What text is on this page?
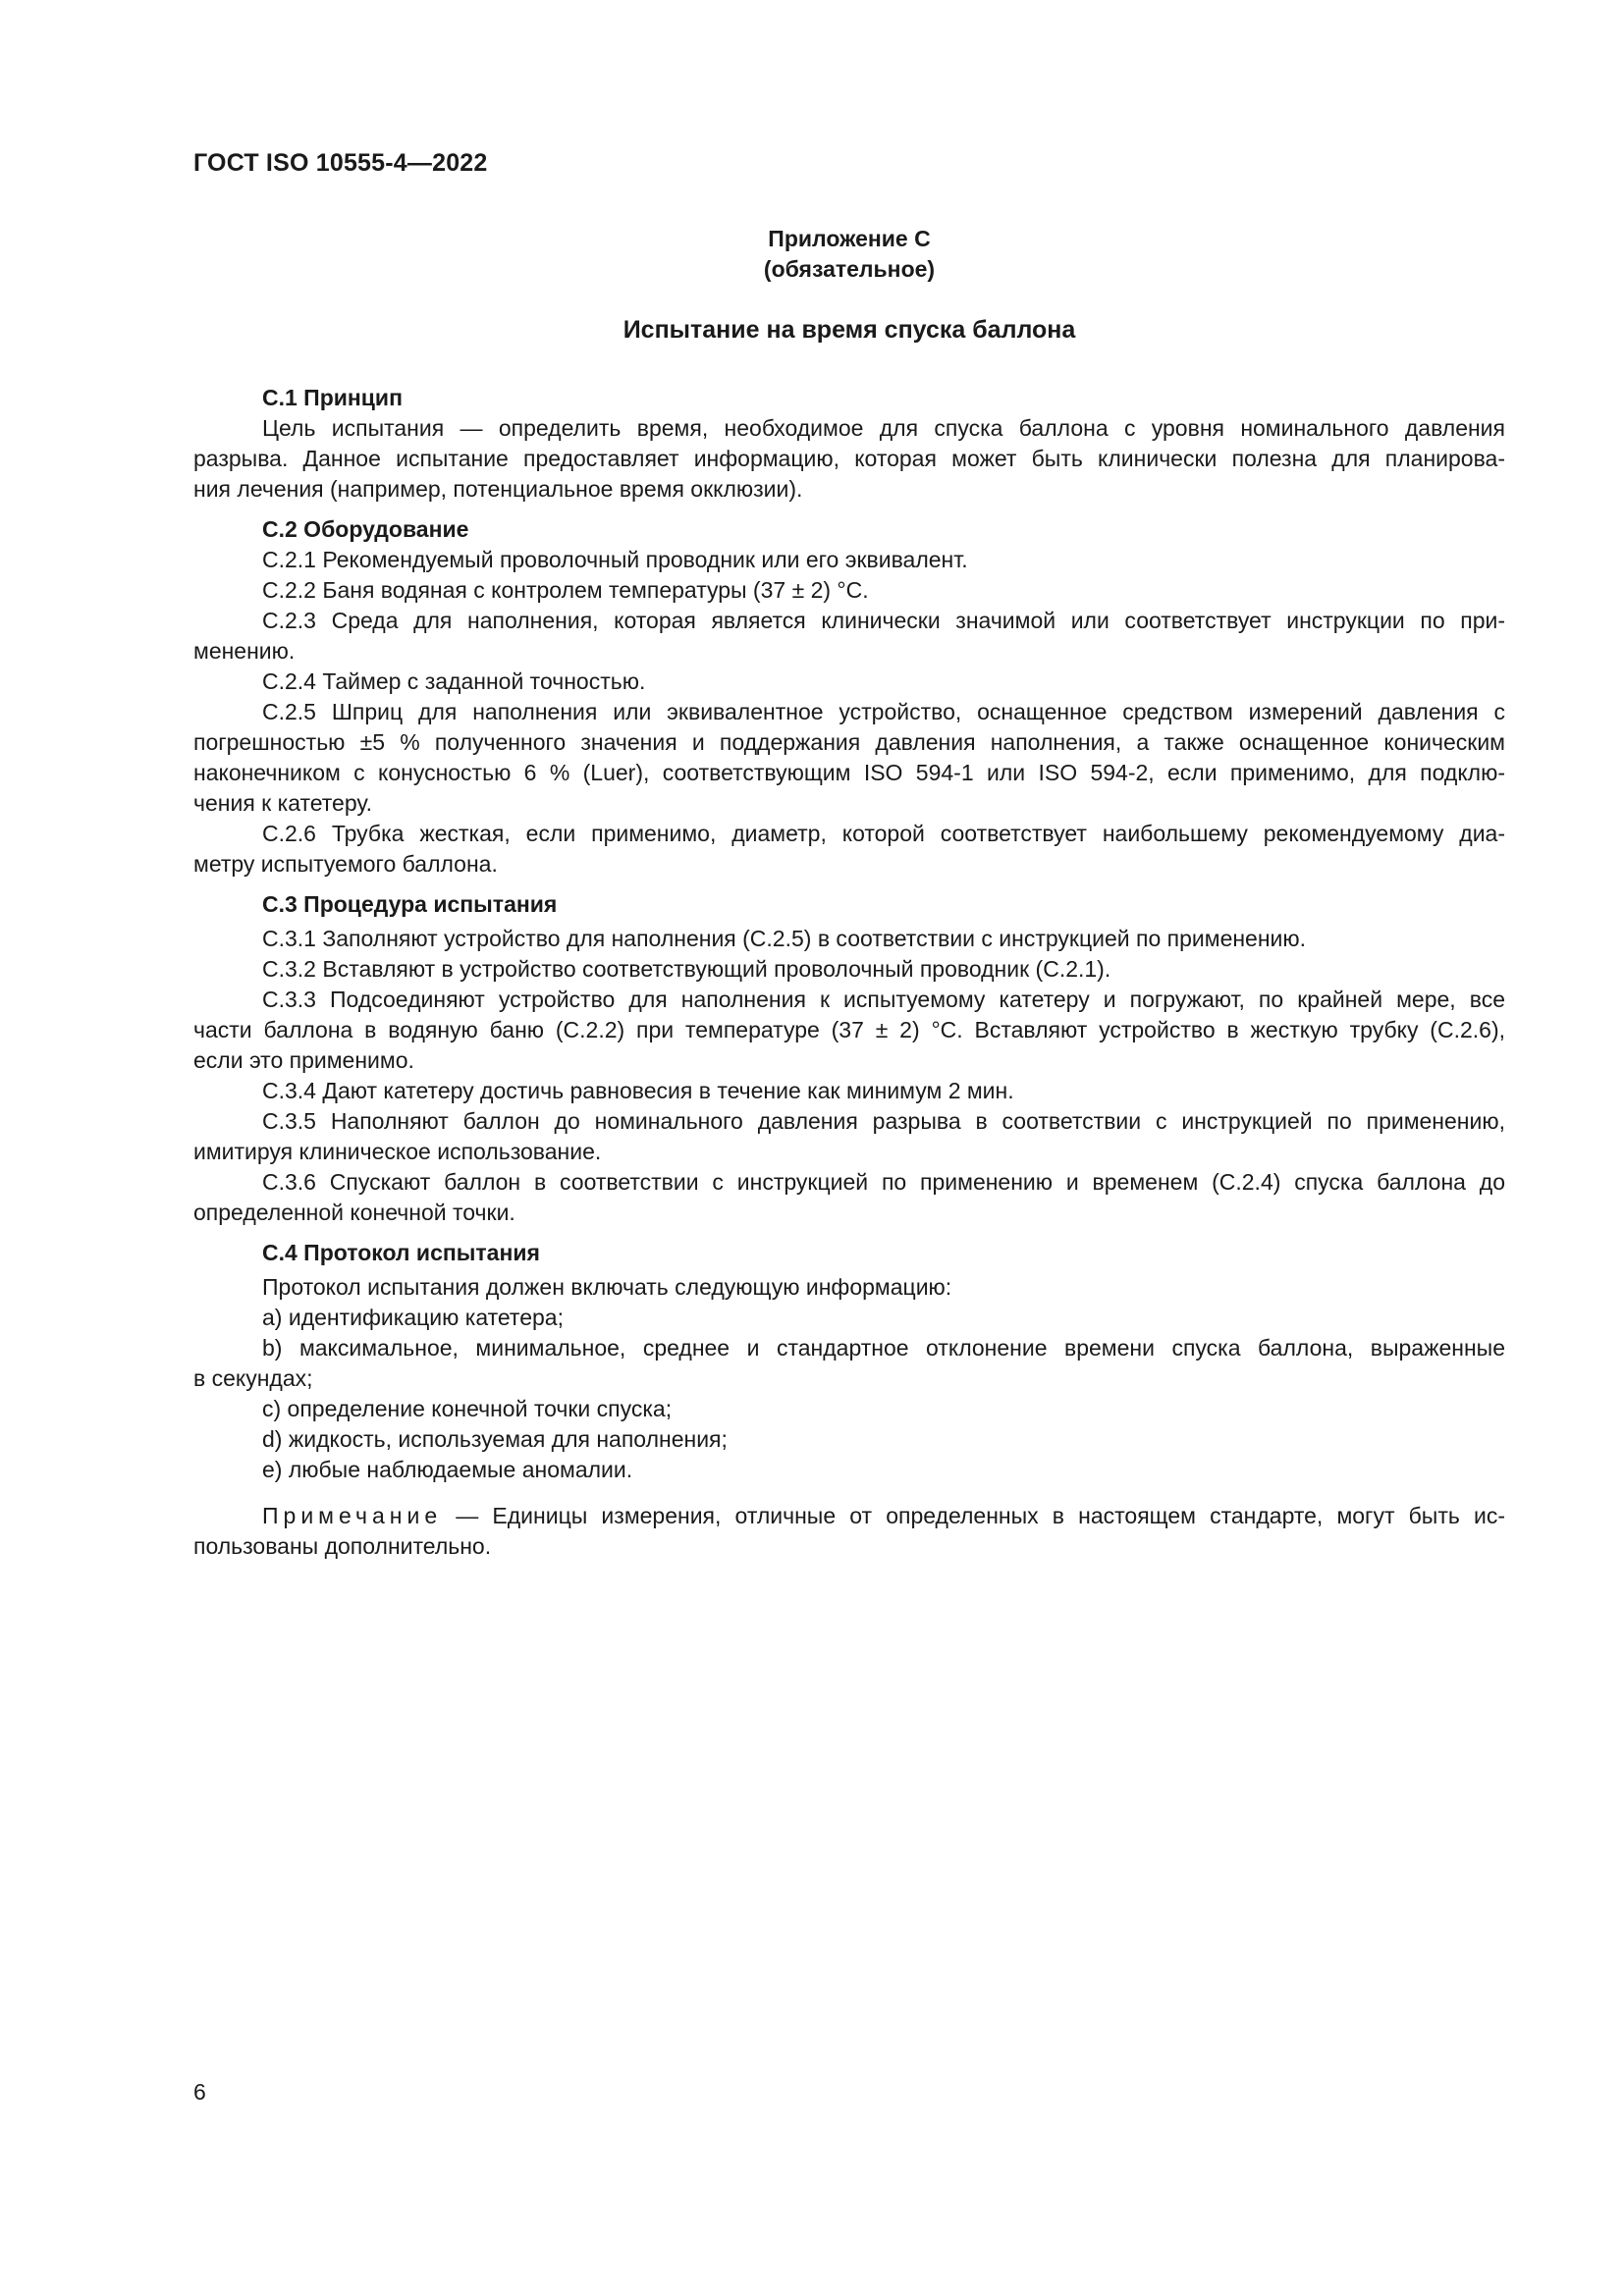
ГОСТ ISO 10555-4—2022
Приложение С
(обязательное)
Испытание на время спуска баллона
С.1 Принцип
Цель испытания — определить время, необходимое для спуска баллона с уровня номинального давления
разрыва. Данное испытание предоставляет информацию, которая может быть клинически полезна для планирова-
ния лечения (например, потенциальное время окклюзии).
С.2 Оборудование
С.2.1 Рекомендуемый проволочный проводник или его эквивалент.
С.2.2 Баня водяная с контролем температуры (37 ± 2) °С.
С.2.3 Среда для наполнения, которая является клинически значимой или соответствует инструкции по при-
менению.
С.2.4 Таймер с заданной точностью.
С.2.5 Шприц для наполнения или эквивалентное устройство, оснащенное средством измерений давления с
погрешностью ±5 % полученного значения и поддержания давления наполнения, а также оснащенное коническим
наконечником с конусностью 6 % (Luer), соответствующим ISO 594-1 или ISO 594-2, если применимо, для подклю-
чения к катетеру.
С.2.6 Трубка жесткая, если применимо, диаметр, которой соответствует наибольшему рекомендуемому диа-
метру испытуемого баллона.
С.3 Процедура испытания
С.3.1 Заполняют устройство для наполнения (С.2.5) в соответствии с инструкцией по применению.
С.3.2 Вставляют в устройство соответствующий проволочный проводник (С.2.1).
С.3.3 Подсоединяют устройство для наполнения к испытуемому катетеру и погружают, по крайней мере, все
части баллона в водяную баню (С.2.2) при температуре (37 ± 2) °С. Вставляют устройство в жесткую трубку (С.2.6),
если это применимо.
С.3.4 Дают катетеру достичь равновесия в течение как минимум 2 мин.
С.3.5 Наполняют баллон до номинального давления разрыва в соответствии с инструкцией по применению,
имитируя клиническое использование.
С.3.6 Спускают баллон в соответствии с инструкцией по применению и временем (С.2.4) спуска баллона до
определенной конечной точки.
С.4 Протокол испытания
Протокол испытания должен включать следующую информацию:
a) идентификацию катетера;
b) максимальное, минимальное, среднее и стандартное отклонение времени спуска баллона, выраженные
в секундах;
c) определение конечной точки спуска;
d) жидкость, используемая для наполнения;
e) любые наблюдаемые аномалии.
Примечание — Единицы измерения, отличные от определенных в настоящем стандарте, могут быть ис-
пользованы дополнительно.
6
